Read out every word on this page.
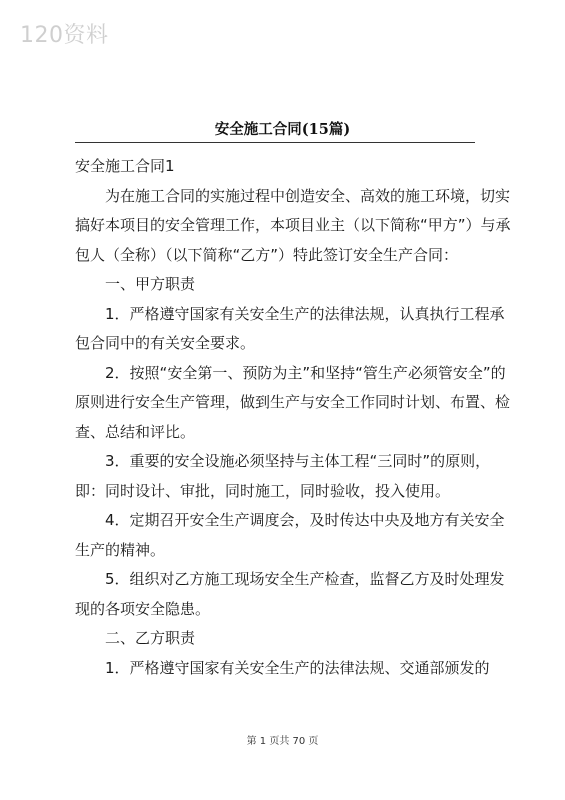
120资料
安全施工合同(15篇)

安全施工合同1

为在施工合同的实施过程中创造安全、高效的施工环境，切实搞好本项目的安全管理工作，本项目业主（以下简称“甲方”）与承包人（全称）（以下简称“乙方”）特此签订安全生产合同：

一、甲方职责

1．严格遵守国家有关安全生产的法律法规，认真执行工程承包合同中的有关安全要求。

2．按照“安全第一、预防为主”和坚持“管生产必须管安全”的原则进行安全生产管理，做到生产与安全工作同时计划、布置、检查、总结和评比。

3．重要的安全设施必须坚持与主体工程“三同时”的原则，即：同时设计、审批，同时施工，同时验收，投入使用。

4．定期召开安全生产调度会，及时传达中央及地方有关安全生产的精神。

5．组织对乙方施工现场安全生产检查，监督乙方及时处理发现的各项安全隐患。

二、乙方职责

1．严格遵守国家有关安全生产的法律法规、交通部颁发的

第 1 页共 70 页
